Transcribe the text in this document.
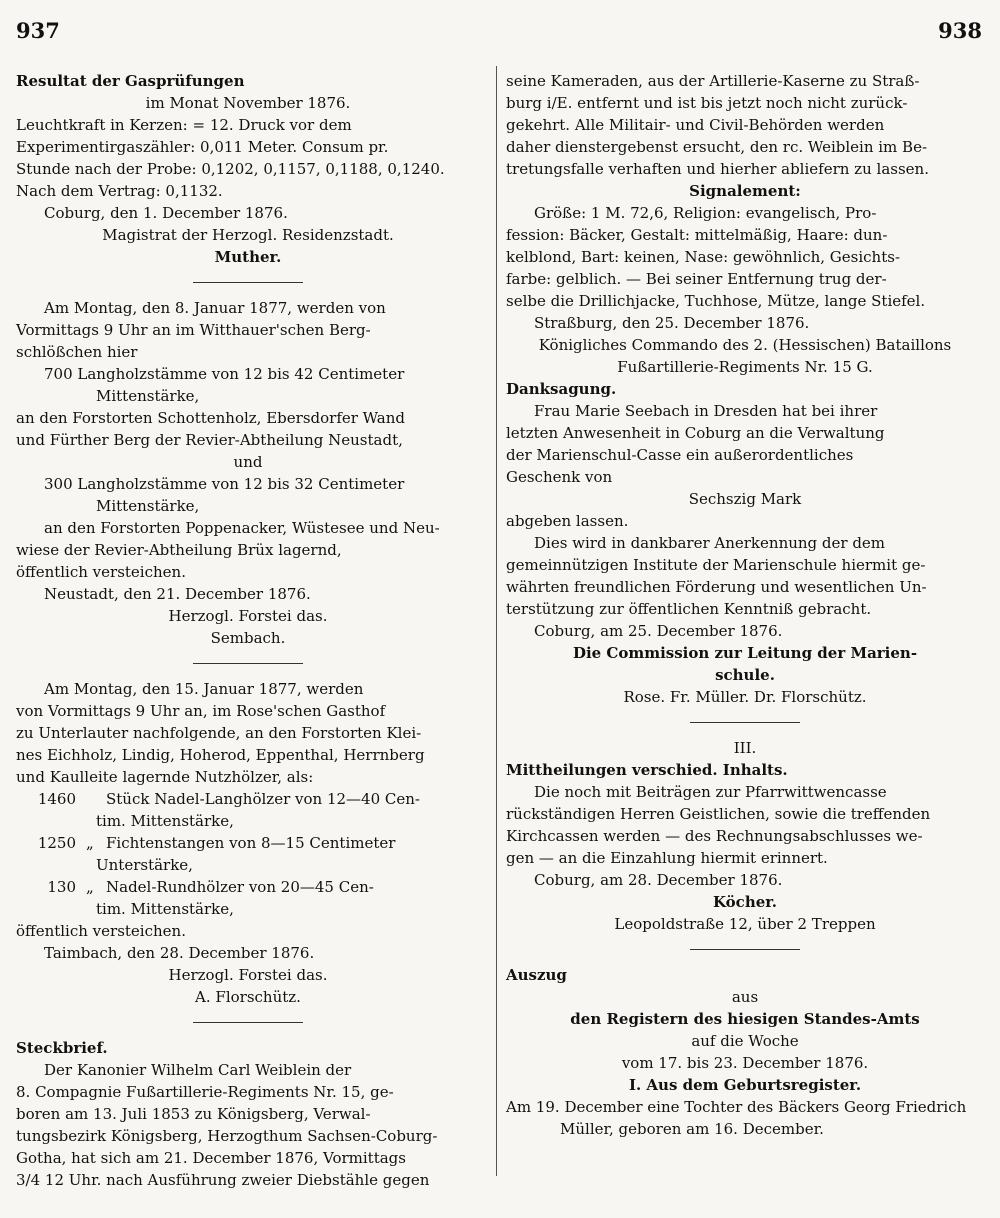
937	938

Resultat der Gasprüfungen

im Monat November 1876.

Leuchtkraft in Kerzen: = 12. Druck vor dem

Experimentirgaszähler: 0,011 Meter. Consum pr.

Stunde nach der Probe: 0,1202, 0,1157, 0,1188, 0,1240.

Nach dem Vertrag: 0,1132.

Coburg, den 1. December 1876.

Magistrat der Herzogl. Residenzstadt.

Muther.

Am Montag, den 8. Januar 1877, werden von

Vormittags 9 Uhr an im Witthauer'schen Berg-

schlößchen hier

700 Langholzstämme von 12 bis 42 Centimeter

Mittenstärke,

an den Forstorten Schottenholz, Ebersdorfer Wand

und Fürther Berg der Revier-Abtheilung Neustadt,

und

300 Langholzstämme von 12 bis 32 Centimeter

Mittenstärke,

an den Forstorten Poppenacker, Wüstesee und Neu-

wiese der Revier-Abtheilung Brüx lagernd,

öffentlich versteichen.

Neustadt, den 21. December 1876.

Herzogl. Forstei das.

Sembach.

Am Montag, den 15. Januar 1877, werden

von Vormittags 9 Uhr an, im Rose'schen Gasthof

zu Unterlauter nachfolgende, an den Forstorten Klei-

nes Eichholz, Lindig, Hoherod, Eppenthal, Herrnberg

und Kaulleite lagernde Nutzhölzer, als:

1460 Stück Nadel-Langhölzer von 12—40 Cen-

tim. Mittenstärke,

1250 „ Fichtenstangen von 8—15 Centimeter

Unterstärke,

130 „ Nadel-Rundhölzer von 20—45 Cen-

tim. Mittenstärke,

öffentlich versteichen.

Taimbach, den 28. December 1876.

Herzogl. Forstei das.

A. Florschütz.

Steckbrief.

Der Kanonier Wilhelm Carl Weiblein der

8. Compagnie Fußartillerie-Regiments Nr. 15, ge-

boren am 13. Juli 1853 zu Königsberg, Verwal-

tungsbezirk Königsberg, Herzogthum Sachsen-Coburg-

Gotha, hat sich am 21. December 1876, Vormittags

3/4 12 Uhr. nach Ausführung zweier Diebstähle gegen

seine Kameraden, aus der Artillerie-Kaserne zu Straß-

burg i/E. entfernt und ist bis jetzt noch nicht zurück-

gekehrt. Alle Militair- und Civil-Behörden werden

daher dienstergebenst ersucht, den rc. Weiblein im Be-

tretungsfalle verhaften und hierher abliefern zu lassen.

Signalement:

Größe: 1 M. 72,6, Religion: evangelisch, Pro-

fession: Bäcker, Gestalt: mittelmäßig, Haare: dun-

kelblond, Bart: keinen, Nase: gewöhnlich, Gesichts-

farbe: gelblich. — Bei seiner Entfernung trug der-

selbe die Drillichjacke, Tuchhose, Mütze, lange Stiefel.

Straßburg, den 25. December 1876.

Königliches Commando des 2. (Hessischen) Bataillons

Fußartillerie-Regiments Nr. 15 G.

Danksagung.

Frau Marie Seebach in Dresden hat bei ihrer

letzten Anwesenheit in Coburg an die Verwaltung

der Marienschul-Casse ein außerordentliches

Geschenk von

Sechszig Mark

abgeben lassen.

Dies wird in dankbarer Anerkennung der dem

gemeinnützigen Institute der Marienschule hiermit ge-

währten freundlichen Förderung und wesentlichen Un-

terstützung zur öffentlichen Kenntniß gebracht.

Coburg, am 25. December 1876.

Die Commission zur Leitung der Marien-

schule.

Rose. Fr. Müller. Dr. Florschütz.

III.

Mittheilungen verschied. Inhalts.

Die noch mit Beiträgen zur Pfarrwittwencasse

rückständigen Herren Geistlichen, sowie die treffenden

Kirchcassen werden — des Rechnungsabschlusses we-

gen — an die Einzahlung hiermit erinnert.

Coburg, am 28. December 1876.

Köcher.

Leopoldstraße 12, über 2 Treppen

Auszug

aus

den Registern des hiesigen Standes-Amts

auf die Woche

vom 17. bis 23. December 1876.

I. Aus dem Geburtsregister.

Am 19. December eine Tochter des Bäckers Georg Friedrich

Müller, geboren am 16. December.
